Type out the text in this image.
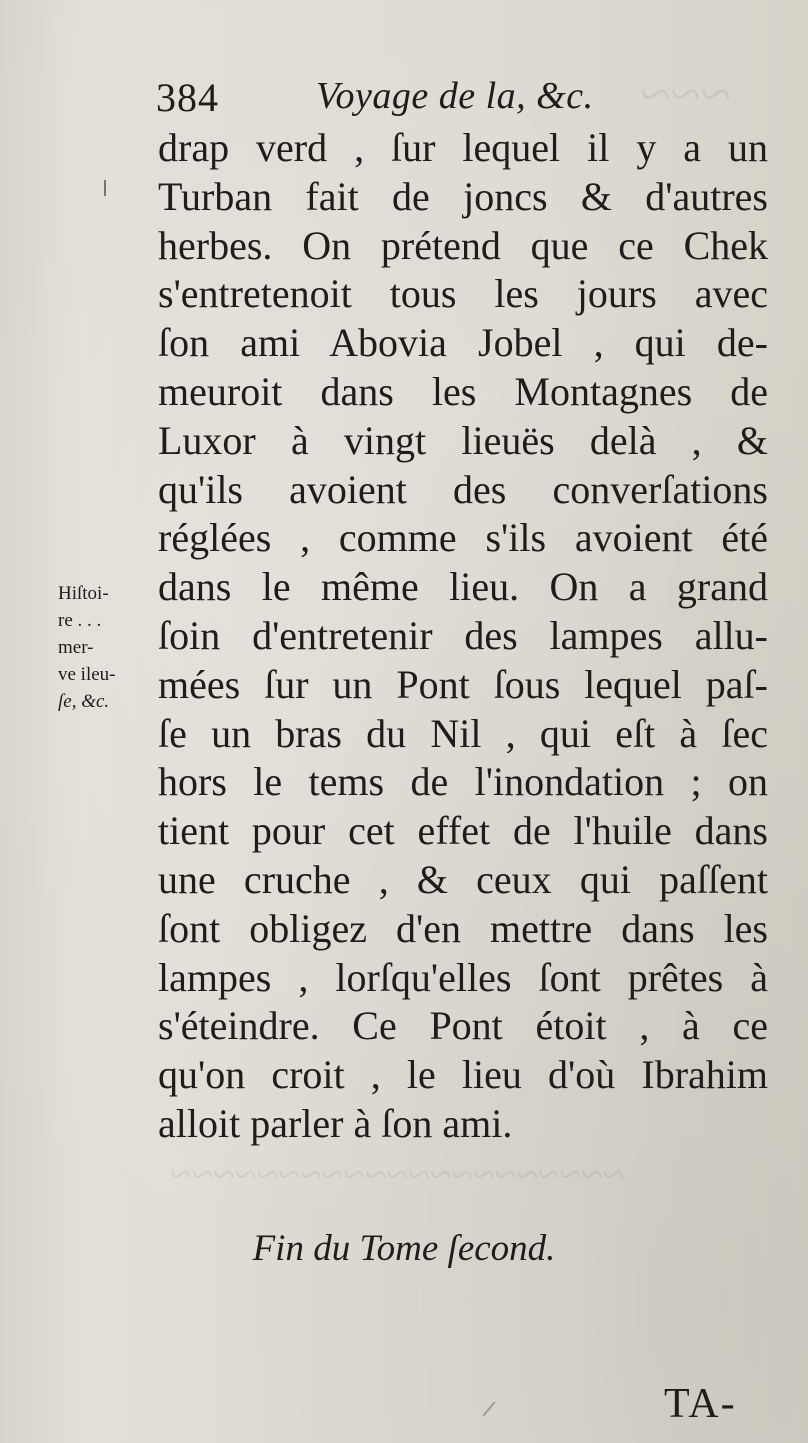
~~~~~~~~~~~~~~~~~~~~~
~~~
384	Voyage de la, &c.
drap verd , ſur lequel il y a un
Turban fait de joncs & d'autres
herbes. On prétend que ce Chek
s'entretenoit tous les jours avec
ſon ami Abovia Jobel , qui de-
meuroit dans les Montagnes de
Luxor à vingt lieuës delà , &
qu'ils avoient des converſations
réglées , comme s'ils avoient été
dans le même lieu. On a grand
ſoin d'entretenir des lampes allu-
mées ſur un Pont ſous lequel paſ-
ſe un bras du Nil , qui eſt à ſec
hors le tems de l'inondation ; on
tient pour cet effet de l'huile dans
une cruche , & ceux qui paſſent
ſont obligez d'en mettre dans les
lampes , lorſqu'elles ſont prêtes à
s'éteindre. Ce Pont étoit , à ce
qu'on croit , le lieu d'où Ibrahim
alloit parler à ſon ami.
Hiſtoi-
re . . .
mer-
ve ileu-
ſe, &c.
Fin du Tome ſecond.
TA-
